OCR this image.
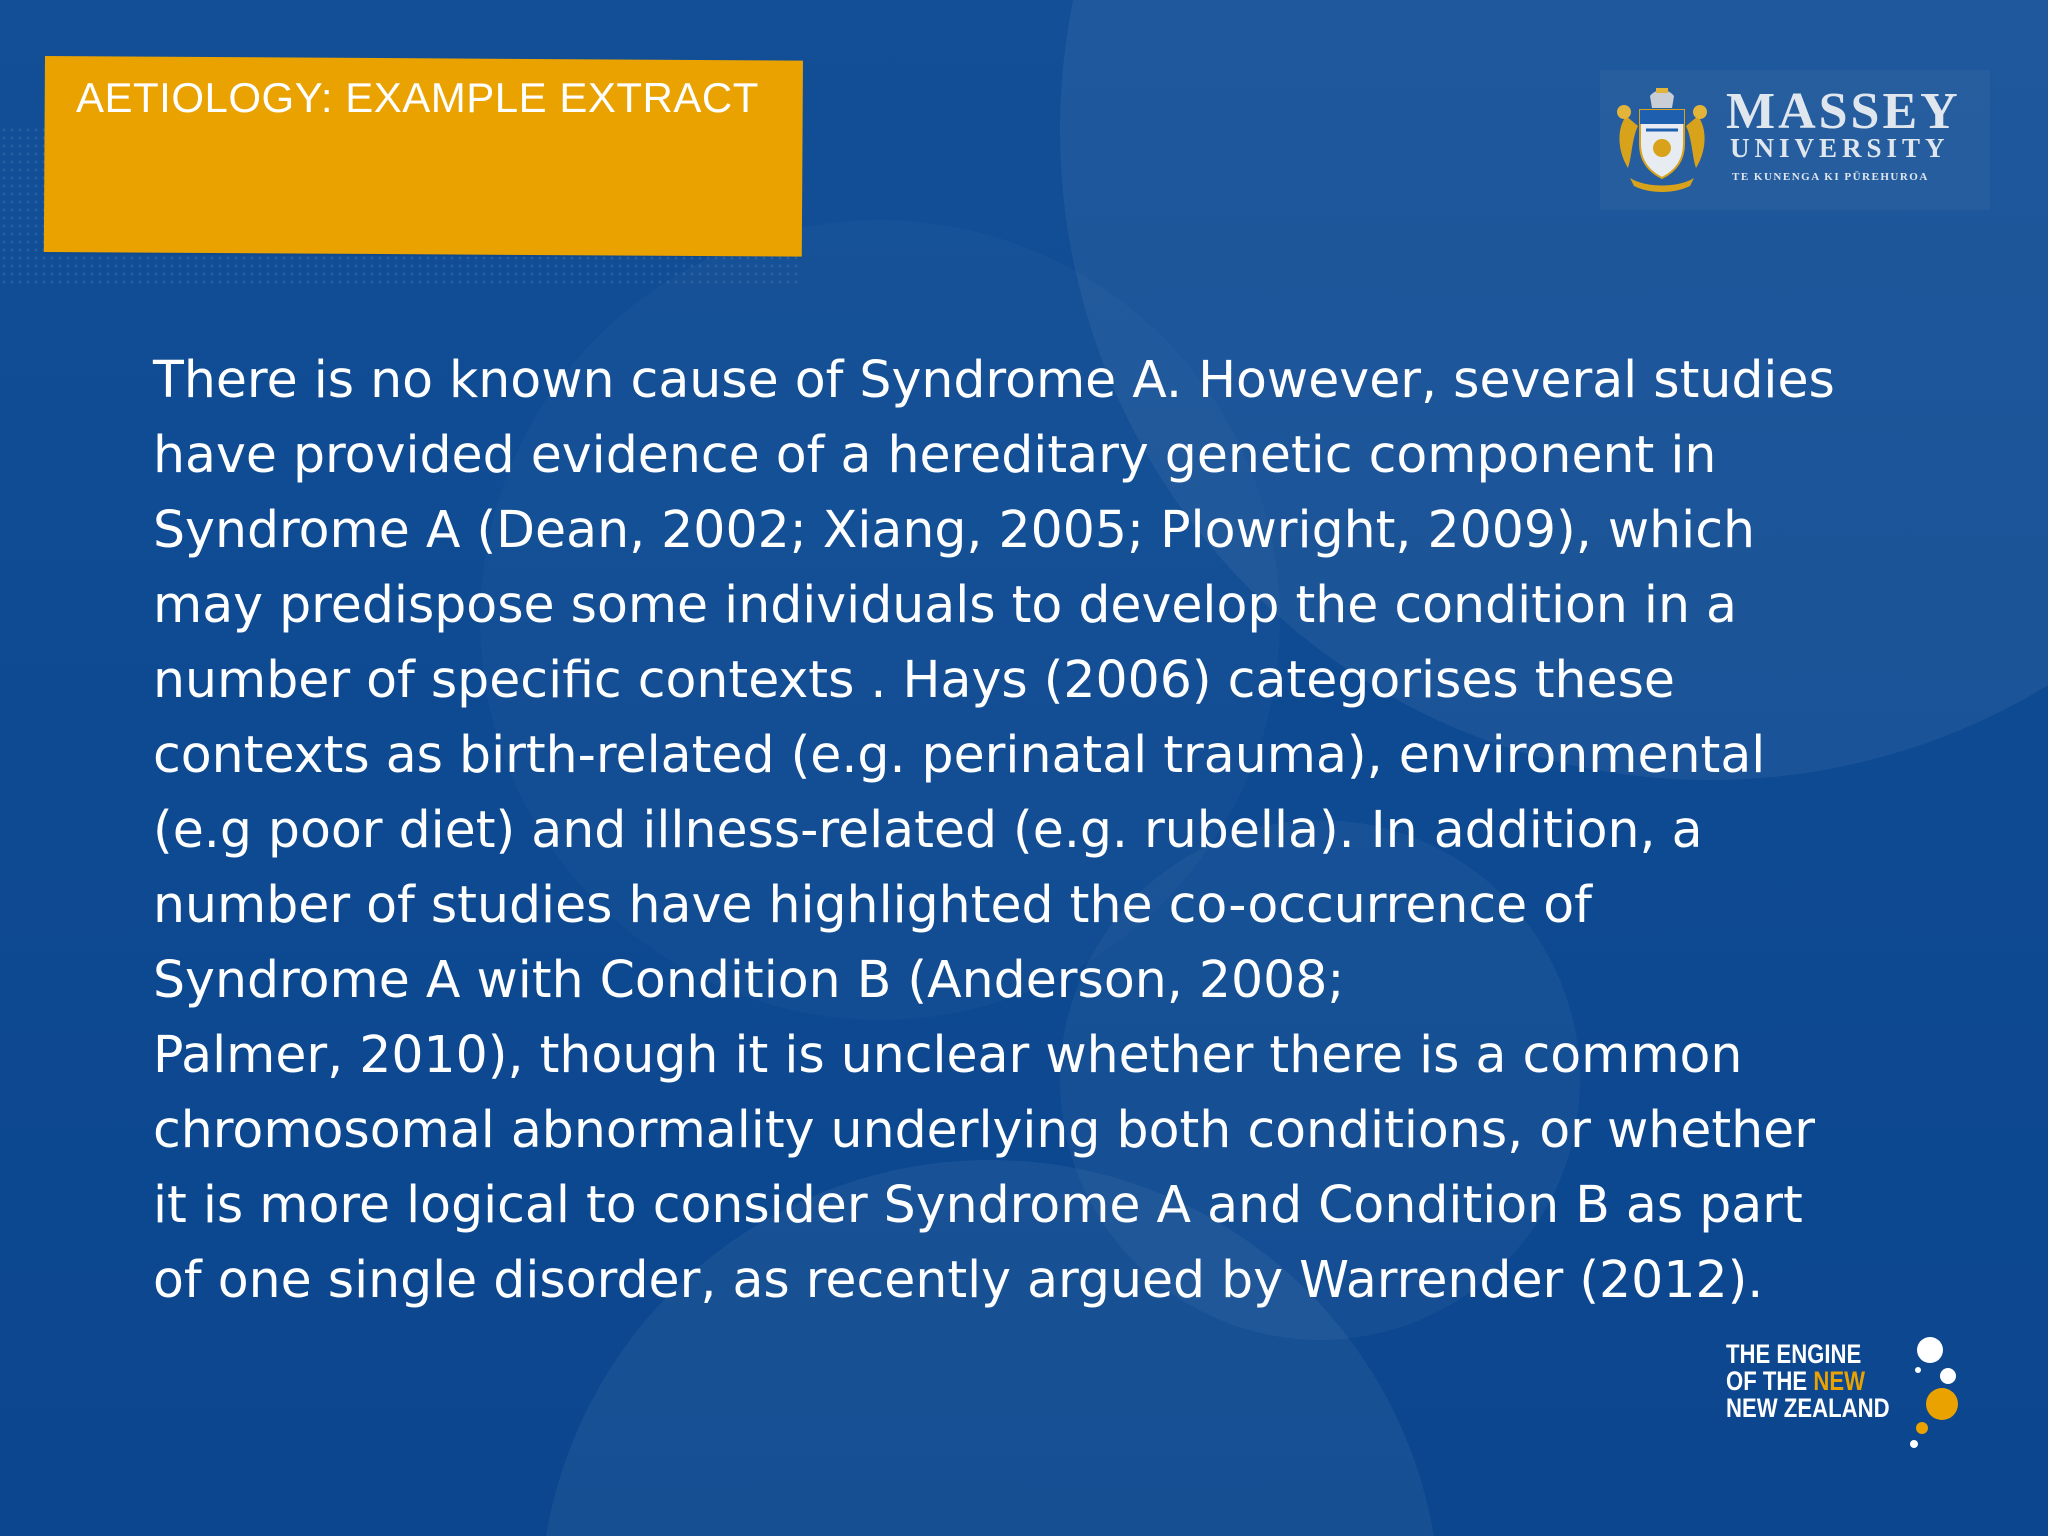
AETIOLOGY: EXAMPLE EXTRACT	MASSEY
UNIVERSITY
TE KUNENGA KI PŪREHUROA

There is no known cause of Syndrome A. However, several studies
have provided evidence of a hereditary genetic component in
Syndrome A (Dean, 2002; Xiang, 2005; Plowright, 2009), which
may predispose some individuals to develop the condition in a
number of specific contexts . Hays (2006) categorises these
contexts as birth-related (e.g. perinatal trauma), environmental
(e.g poor diet) and illness-related (e.g. rubella). In addition, a
number of studies have highlighted the co-occurrence of
Syndrome A with Condition B (Anderson, 2008;
Palmer, 2010), though it is unclear whether there is a common
chromosomal abnormality underlying both conditions, or whether
it is more logical to consider Syndrome A and Condition B as part
of one single disorder, as recently argued by Warrender (2012).

THE ENGINE
OF THE NEW
NEW ZEALAND
